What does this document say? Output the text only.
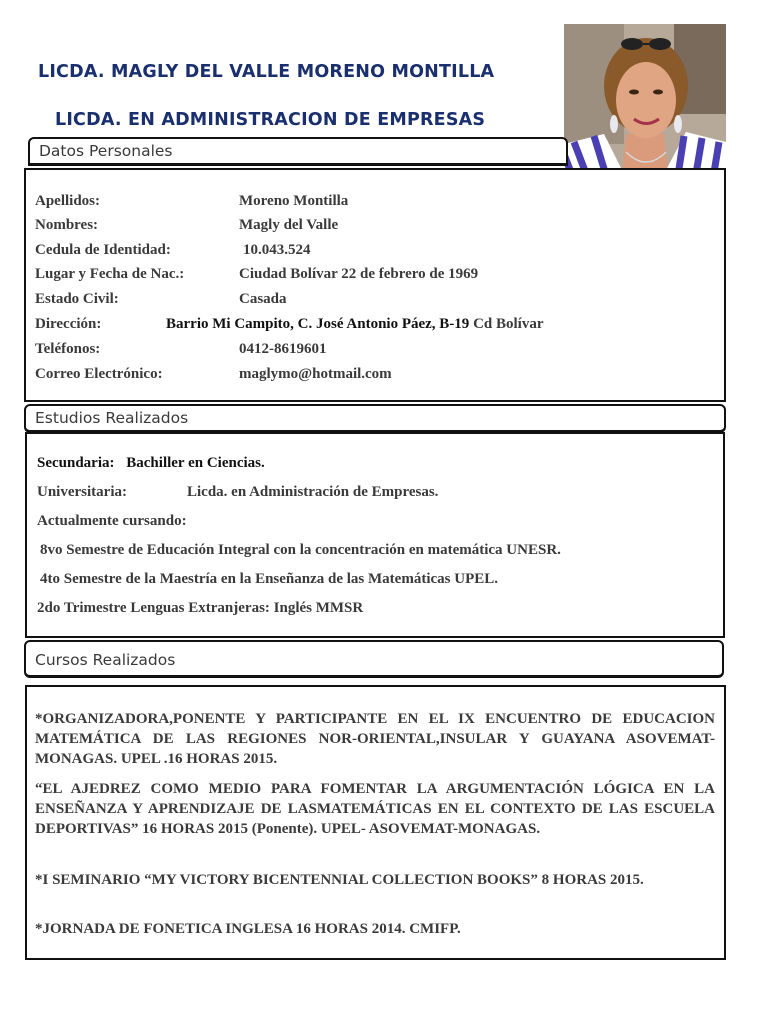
LICDA. MAGLY DEL VALLE MORENO MONTILLA
LICDA. EN ADMINISTRACION DE EMPRESAS
Datos Personales
Apellidos:	Moreno Montilla
Nombres:	Magly del Valle
Cedula de Identidad:	10.043.524
Lugar y Fecha de Nac.:	Ciudad Bolívar 22 de febrero de 1969
Estado Civil:	Casada
Dirección:	Barrio Mi Campito, C. José Antonio Páez, B-19 Cd Bolívar
Teléfonos:	0412-8619601
Correo Electrónico:	maglymo@hotmail.com
Estudios Realizados
Secundaria: Bachiller en Ciencias.
Universitaria:	Licda. en Administración de Empresas.
Actualmente cursando:
8vo Semestre de Educación Integral con la concentración en matemática UNESR.
4to Semestre de la Maestría en la Enseñanza de las Matemáticas UPEL.
2do Trimestre Lenguas Extranjeras: Inglés MMSR
Cursos Realizados
*ORGANIZADORA,PONENTE Y PARTICIPANTE EN EL IX ENCUENTRO DE EDUCACION MATEMÁTICA DE LAS REGIONES NOR-ORIENTAL,INSULAR Y GUAYANA ASOVEMAT-MONAGAS. UPEL .16 HORAS 2015.
“EL AJEDREZ COMO MEDIO PARA FOMENTAR LA ARGUMENTACIÓN LÓGICA EN LA ENSEÑANZA Y APRENDIZAJE DE LASMATEMÁTICAS EN EL CONTEXTO DE LAS ESCUELA DEPORTIVAS” 16 HORAS 2015 (Ponente). UPEL- ASOVEMAT-MONAGAS.
*I SEMINARIO “MY VICTORY BICENTENNIAL COLLECTION BOOKS” 8 HORAS 2015.
*JORNADA DE FONETICA INGLESA 16 HORAS 2014. CMIFP.
